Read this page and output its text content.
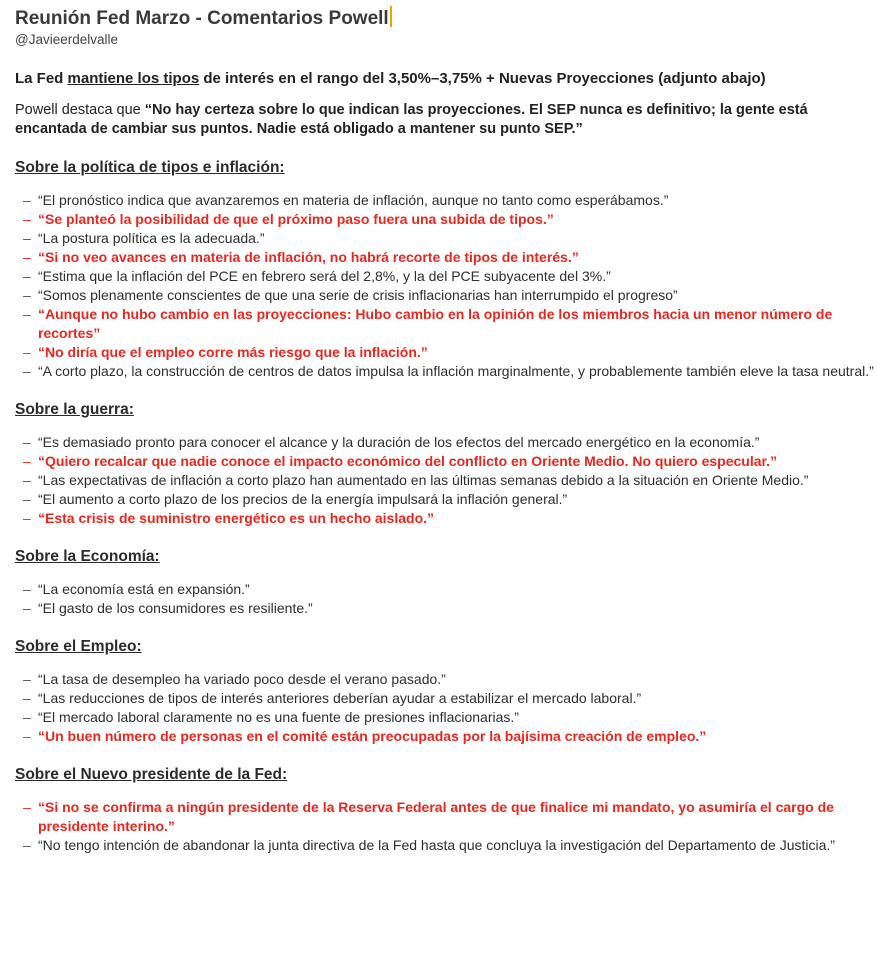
Reunión Fed Marzo - Comentarios Powell
@Javieerdelvalle
La Fed mantiene los tipos de interés en el rango del 3,50%–3,75% + Nuevas Proyecciones (adjunto abajo)
Powell destaca que “No hay certeza sobre lo que indican las proyecciones. El SEP nunca es definitivo; la gente está encantada de cambiar sus puntos. Nadie está obligado a mantener su punto SEP.”
Sobre la política de tipos e inflación:
– “El pronóstico indica que avanzaremos en materia de inflación, aunque no tanto como esperábamos.”
– “Se planteó la posibilidad de que el próximo paso fuera una subida de tipos.”
– “La postura política es la adecuada.”
– “Si no veo avances en materia de inflación, no habrá recorte de tipos de interés.”
– “Estima que la inflación del PCE en febrero será del 2,8%, y la del PCE subyacente del 3%.”
– “Somos plenamente conscientes de que una serie de crisis inflacionarias han interrumpido el progreso”
– “Aunque no hubo cambio en las proyecciones: Hubo cambio en la opinión de los miembros hacia un menor número de recortes”
– “No diría que el empleo corre más riesgo que la inflación.”
– “A corto plazo, la construcción de centros de datos impulsa la inflación marginalmente, y probablemente también eleve la tasa neutral.”
Sobre la guerra:
– “Es demasiado pronto para conocer el alcance y la duración de los efectos del mercado energético en la economía.”
– “Quiero recalcar que nadie conoce el impacto económico del conflicto en Oriente Medio. No quiero especular.”
– “Las expectativas de inflación a corto plazo han aumentado en las últimas semanas debido a la situación en Oriente Medio.”
– “El aumento a corto plazo de los precios de la energía impulsará la inflación general.”
– “Esta crisis de suministro energético es un hecho aislado.”
Sobre la Economía:
– “La economía está en expansión.”
– “El gasto de los consumidores es resiliente.”
Sobre el Empleo:
– “La tasa de desempleo ha variado poco desde el verano pasado.”
– “Las reducciones de tipos de interés anteriores deberían ayudar a estabilizar el mercado laboral.”
– “El mercado laboral claramente no es una fuente de presiones inflacionarias.”
– “Un buen número de personas en el comité están preocupadas por la bajísima creación de empleo.”
Sobre el Nuevo presidente de la Fed:
– “Si no se confirma a ningún presidente de la Reserva Federal antes de que finalice mi mandato, yo asumiría el cargo de presidente interino.”
– “No tengo intención de abandonar la junta directiva de la Fed hasta que concluya la investigación del Departamento de Justicia.”
